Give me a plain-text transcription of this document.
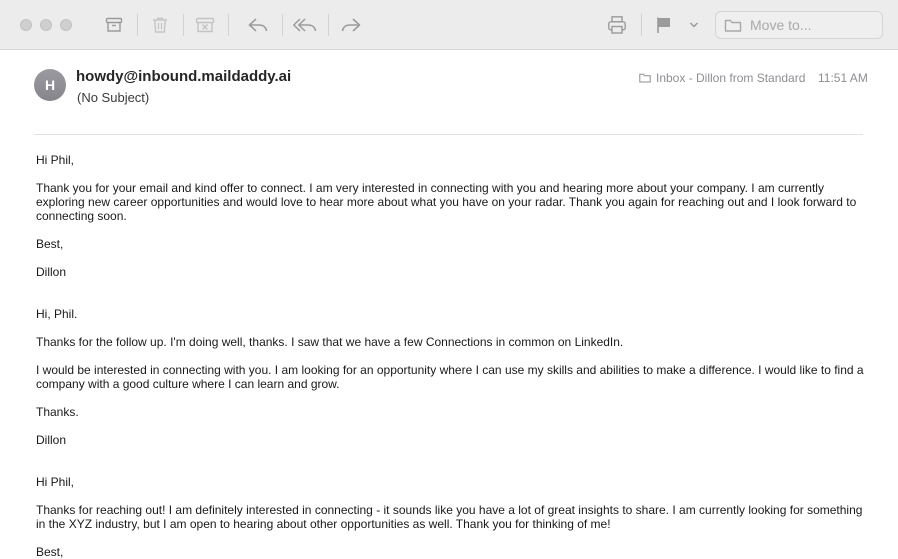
Move to...
H howdy@inbound.maildaddy.ai
(No Subject)
Inbox - Dillon from Standard 11:51 AM

Hi Phil,

Thank you for your email and kind offer to connect. I am very interested in connecting with you and hearing more about your company. I am currently exploring new career opportunities and would love to hear more about what you have on your radar. Thank you again for reaching out and I look forward to connecting soon.

Best,

Dillon

Hi, Phil.

Thanks for the follow up. I'm doing well, thanks. I saw that we have a few Connections in common on LinkedIn.

I would be interested in connecting with you. I am looking for an opportunity where I can use my skills and abilities to make a difference. I would like to find a company with a good culture where I can learn and grow.

Thanks.

Dillon

Hi Phil,

Thanks for reaching out! I am definitely interested in connecting - it sounds like you have a lot of great insights to share. I am currently looking for something in the XYZ industry, but I am open to hearing about other opportunities as well. Thank you for thinking of me!

Best,
